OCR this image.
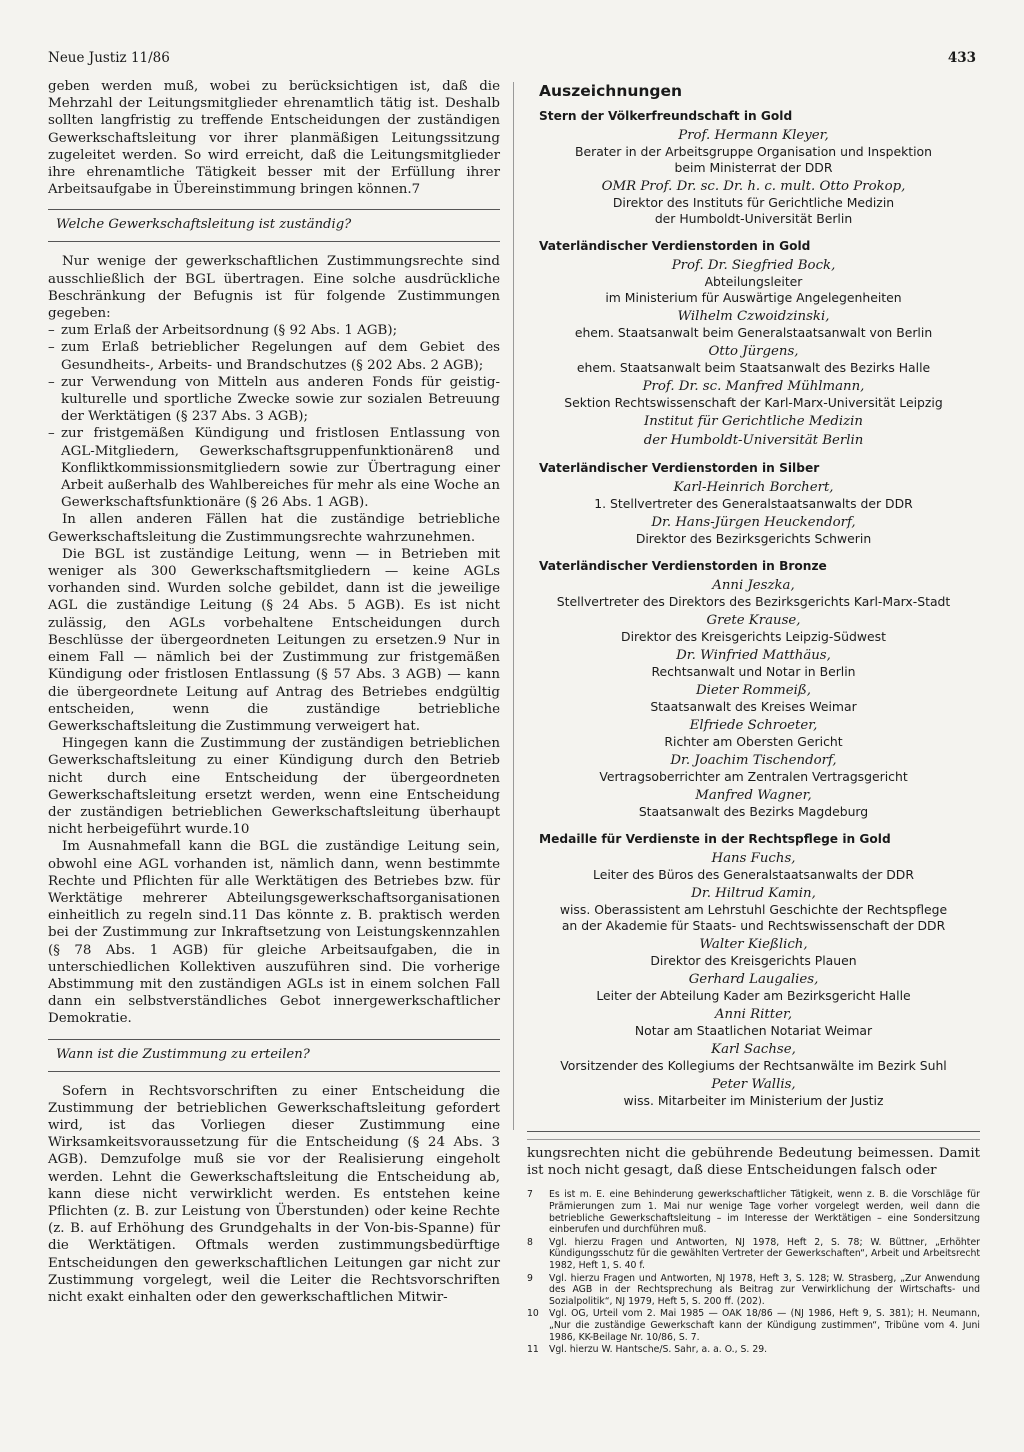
Neue Justiz 11/86	433

geben werden muß, wobei zu berücksichtigen ist, daß die Mehrzahl der Leitungsmitglieder ehrenamtlich tätig ist. Deshalb sollten langfristig zu treffende Entscheidungen der zuständigen Gewerkschaftsleitung vor ihrer planmäßigen Leitungssitzung zugeleitet werden. So wird erreicht, daß die Leitungsmitglieder ihre ehrenamtliche Tätigkeit besser mit der Erfüllung ihrer Arbeitsaufgabe in Übereinstimmung bringen können.7

Welche Gewerkschaftsleitung ist zuständig?

Nur wenige der gewerkschaftlichen Zustimmungsrechte sind ausschließlich der BGL übertragen. Eine solche ausdrückliche Beschränkung der Befugnis ist für folgende Zustimmungen gegeben:

– zum Erlaß der Arbeitsordnung (§ 92 Abs. 1 AGB);
– zum Erlaß betrieblicher Regelungen auf dem Gebiet des Gesundheits-, Arbeits- und Brandschutzes (§ 202 Abs. 2 AGB);
– zur Verwendung von Mitteln aus anderen Fonds für geistig-kulturelle und sportliche Zwecke sowie zur sozialen Betreuung der Werktätigen (§ 237 Abs. 3 AGB);
– zur fristgemäßen Kündigung und fristlosen Entlassung von AGL-Mitgliedern, Gewerkschaftsgruppenfunktionären8 und Konfliktkommissionsmitgliedern sowie zur Übertragung einer Arbeit außerhalb des Wahlbereiches für mehr als eine Woche an Gewerkschaftsfunktionäre (§ 26 Abs. 1 AGB).

In allen anderen Fällen hat die zuständige betriebliche Gewerkschaftsleitung die Zustimmungsrechte wahrzunehmen.

Die BGL ist zuständige Leitung, wenn — in Betrieben mit weniger als 300 Gewerkschaftsmitgliedern — keine AGLs vorhanden sind. Wurden solche gebildet, dann ist die jeweilige AGL die zuständige Leitung (§ 24 Abs. 5 AGB). Es ist nicht zulässig, den AGLs vorbehaltene Entscheidungen durch Beschlüsse der übergeordneten Leitungen zu ersetzen.9 Nur in einem Fall — nämlich bei der Zustimmung zur fristgemäßen Kündigung oder fristlosen Entlassung (§ 57 Abs. 3 AGB) — kann die übergeordnete Leitung auf Antrag des Betriebes endgültig entscheiden, wenn die zuständige betriebliche Gewerkschaftsleitung die Zustimmung verweigert hat.

Hingegen kann die Zustimmung der zuständigen betrieblichen Gewerkschaftsleitung zu einer Kündigung durch den Betrieb nicht durch eine Entscheidung der übergeordneten Gewerkschaftsleitung ersetzt werden, wenn eine Entscheidung der zuständigen betrieblichen Gewerkschaftsleitung überhaupt nicht herbeigeführt wurde.10

Im Ausnahmefall kann die BGL die zuständige Leitung sein, obwohl eine AGL vorhanden ist, nämlich dann, wenn bestimmte Rechte und Pflichten für alle Werktätigen des Betriebes bzw. für Werktätige mehrerer Abteilungsgewerkschaftsorganisationen einheitlich zu regeln sind.11 Das könnte z. B. praktisch werden bei der Zustimmung zur Inkraftsetzung von Leistungskennzahlen (§ 78 Abs. 1 AGB) für gleiche Arbeitsaufgaben, die in unterschiedlichen Kollektiven auszuführen sind. Die vorherige Abstimmung mit den zuständigen AGLs ist in einem solchen Fall dann ein selbstverständliches Gebot innergewerkschaftlicher Demokratie.

Wann ist die Zustimmung zu erteilen?

Sofern in Rechtsvorschriften zu einer Entscheidung die Zustimmung der betrieblichen Gewerkschaftsleitung gefordert wird, ist das Vorliegen dieser Zustimmung eine Wirksamkeitsvoraussetzung für die Entscheidung (§ 24 Abs. 3 AGB). Demzufolge muß sie vor der Realisierung eingeholt werden. Lehnt die Gewerkschaftsleitung die Entscheidung ab, kann diese nicht verwirklicht werden. Es entstehen keine Pflichten (z. B. zur Leistung von Überstunden) oder keine Rechte (z. B. auf Erhöhung des Grundgehalts in der Von-bis-Spanne) für die Werktätigen. Oftmals werden zustimmungsbedürftige Entscheidungen den gewerkschaftlichen Leitungen gar nicht zur Zustimmung vorgelegt, weil die Leiter die Rechtsvorschriften nicht exakt einhalten oder den gewerkschaftlichen Mitwir-

Auszeichnungen
Stern der Völkerfreundschaft in Gold
Prof. Hermann Kleyer,
Berater in der Arbeitsgruppe Organisation und Inspektion
beim Ministerrat der DDR
OMR Prof. Dr. sc. Dr. h. c. mult. Otto Prokop,
Direktor des Instituts für Gerichtliche Medizin
der Humboldt-Universität Berlin
Vaterländischer Verdienstorden in Gold
Prof. Dr. Siegfried Bock,
Abteilungsleiter
im Ministerium für Auswärtige Angelegenheiten
Wilhelm Czwoidzinski,
ehem. Staatsanwalt beim Generalstaatsanwalt von Berlin
Otto Jürgens,
ehem. Staatsanwalt beim Staatsanwalt des Bezirks Halle
Prof. Dr. sc. Manfred Mühlmann,
Sektion Rechtswissenschaft der Karl-Marx-Universität Leipzig
Institut für Gerichtliche Medizin
der Humboldt-Universität Berlin
Vaterländischer Verdienstorden in Silber
Karl-Heinrich Borchert,
1. Stellvertreter des Generalstaatsanwalts der DDR
Dr. Hans-Jürgen Heuckendorf,
Direktor des Bezirksgerichts Schwerin
Vaterländischer Verdienstorden in Bronze
Anni Jeszka,
Stellvertreter des Direktors des Bezirksgerichts Karl-Marx-Stadt
Grete Krause,
Direktor des Kreisgerichts Leipzig-Südwest
Dr. Winfried Matthäus,
Rechtsanwalt und Notar in Berlin
Dieter Rommeiß,
Staatsanwalt des Kreises Weimar
Elfriede Schroeter,
Richter am Obersten Gericht
Dr. Joachim Tischendorf,
Vertragsoberrichter am Zentralen Vertragsgericht
Manfred Wagner,
Staatsanwalt des Bezirks Magdeburg
Medaille für Verdienste in der Rechtspflege in Gold
Hans Fuchs,
Leiter des Büros des Generalstaatsanwalts der DDR
Dr. Hiltrud Kamin,
wiss. Oberassistent am Lehrstuhl Geschichte der Rechtspflege
an der Akademie für Staats- und Rechtswissenschaft der DDR
Walter Kießlich,
Direktor des Kreisgerichts Plauen
Gerhard Laugalies,
Leiter der Abteilung Kader am Bezirksgericht Halle
Anni Ritter,
Notar am Staatlichen Notariat Weimar
Karl Sachse,
Vorsitzender des Kollegiums der Rechtsanwälte im Bezirk Suhl
Peter Wallis,
wiss. Mitarbeiter im Ministerium der Justiz

kungsrechten nicht die gebührende Bedeutung beimessen. Damit ist noch nicht gesagt, daß diese Entscheidungen falsch oder

7	Es ist m. E. eine Behinderung gewerkschaftlicher Tätigkeit, wenn z. B. die Vorschläge für Prämierungen zum 1. Mai nur wenige Tage vorher vorgelegt werden, weil dann die betriebliche Gewerkschaftsleitung – im Interesse der Werktätigen – eine Sondersitzung einberufen und durchführen muß.
8	Vgl. hierzu Fragen und Antworten, NJ 1978, Heft 2, S. 78; W. Büttner, „Erhöhter Kündigungsschutz für die gewählten Vertreter der Gewerkschaften“, Arbeit und Arbeitsrecht 1982, Heft 1, S. 40 f.
9	Vgl. hierzu Fragen und Antworten, NJ 1978, Heft 3, S. 128; W. Strasberg, „Zur Anwendung des AGB in der Rechtsprechung als Beitrag zur Verwirklichung der Wirtschafts- und Sozialpolitik“, NJ 1979, Heft 5, S. 200 ff. (202).
10	Vgl. OG, Urteil vom 2. Mai 1985 — OAK 18/86 — (NJ 1986, Heft 9, S. 381); H. Neumann, „Nur die zuständige Gewerkschaft kann der Kündigung zustimmen“, Tribüne vom 4. Juni 1986, KK-Beilage Nr. 10/86, S. 7.
11	Vgl. hierzu W. Hantsche/S. Sahr, a. a. O., S. 29.
